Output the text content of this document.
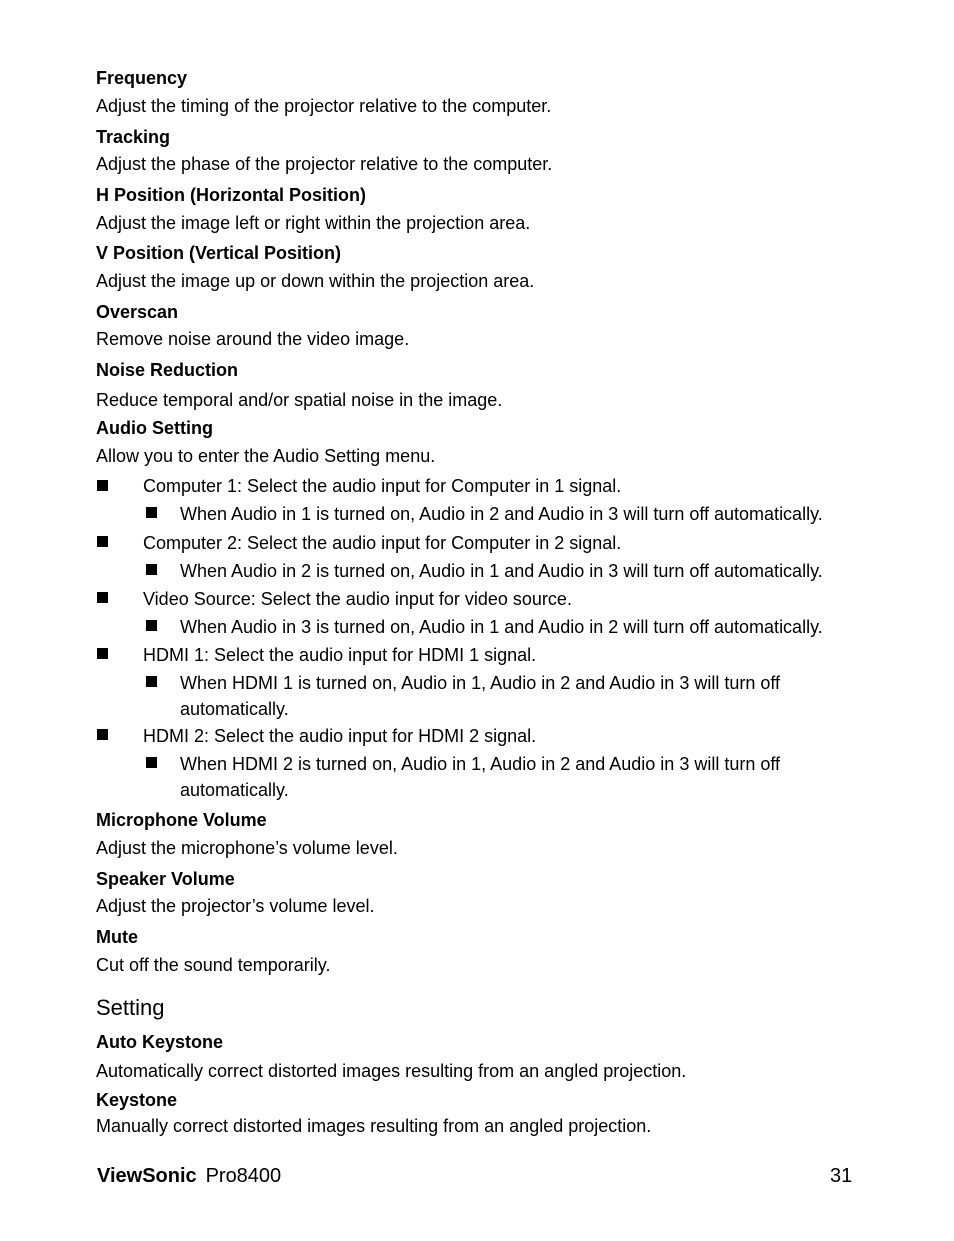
Frequency
Adjust the timing of the projector relative to the computer.
Tracking
Adjust the phase of the projector relative to the computer.
H Position (Horizontal Position)
Adjust the image left or right within the projection area.
V Position (Vertical Position)
Adjust the image up or down within the projection area.
Overscan
Remove noise around the video image.
Noise Reduction
Reduce temporal and/or spatial noise in the image.
Audio Setting
Allow you to enter the Audio Setting menu.
Computer 1: Select the audio input for Computer in 1 signal.
When Audio in 1 is turned on, Audio in 2 and Audio in 3 will turn off automatically.
Computer 2: Select the audio input for Computer in 2 signal.
When Audio in 2 is turned on, Audio in 1 and Audio in 3 will turn off automatically.
Video Source: Select the audio input for video source.
When Audio in 3 is turned on, Audio in 1 and Audio in 2 will turn off automatically.
HDMI 1: Select the audio input for HDMI 1 signal.
When HDMI 1 is turned on, Audio in 1, Audio in 2 and Audio in 3 will turn off
automatically.
HDMI 2: Select the audio input for HDMI 2 signal.
When HDMI 2 is turned on, Audio in 1, Audio in 2 and Audio in 3 will turn off
automatically.
Microphone Volume
Adjust the microphone’s volume level.
Speaker Volume
Adjust the projector’s volume level.
Mute
Cut off the sound temporarily.
Setting
Auto Keystone
Automatically correct distorted images resulting from an angled projection.
Keystone
Manually correct distorted images resulting from an angled projection.
ViewSonic Pro8400	31
